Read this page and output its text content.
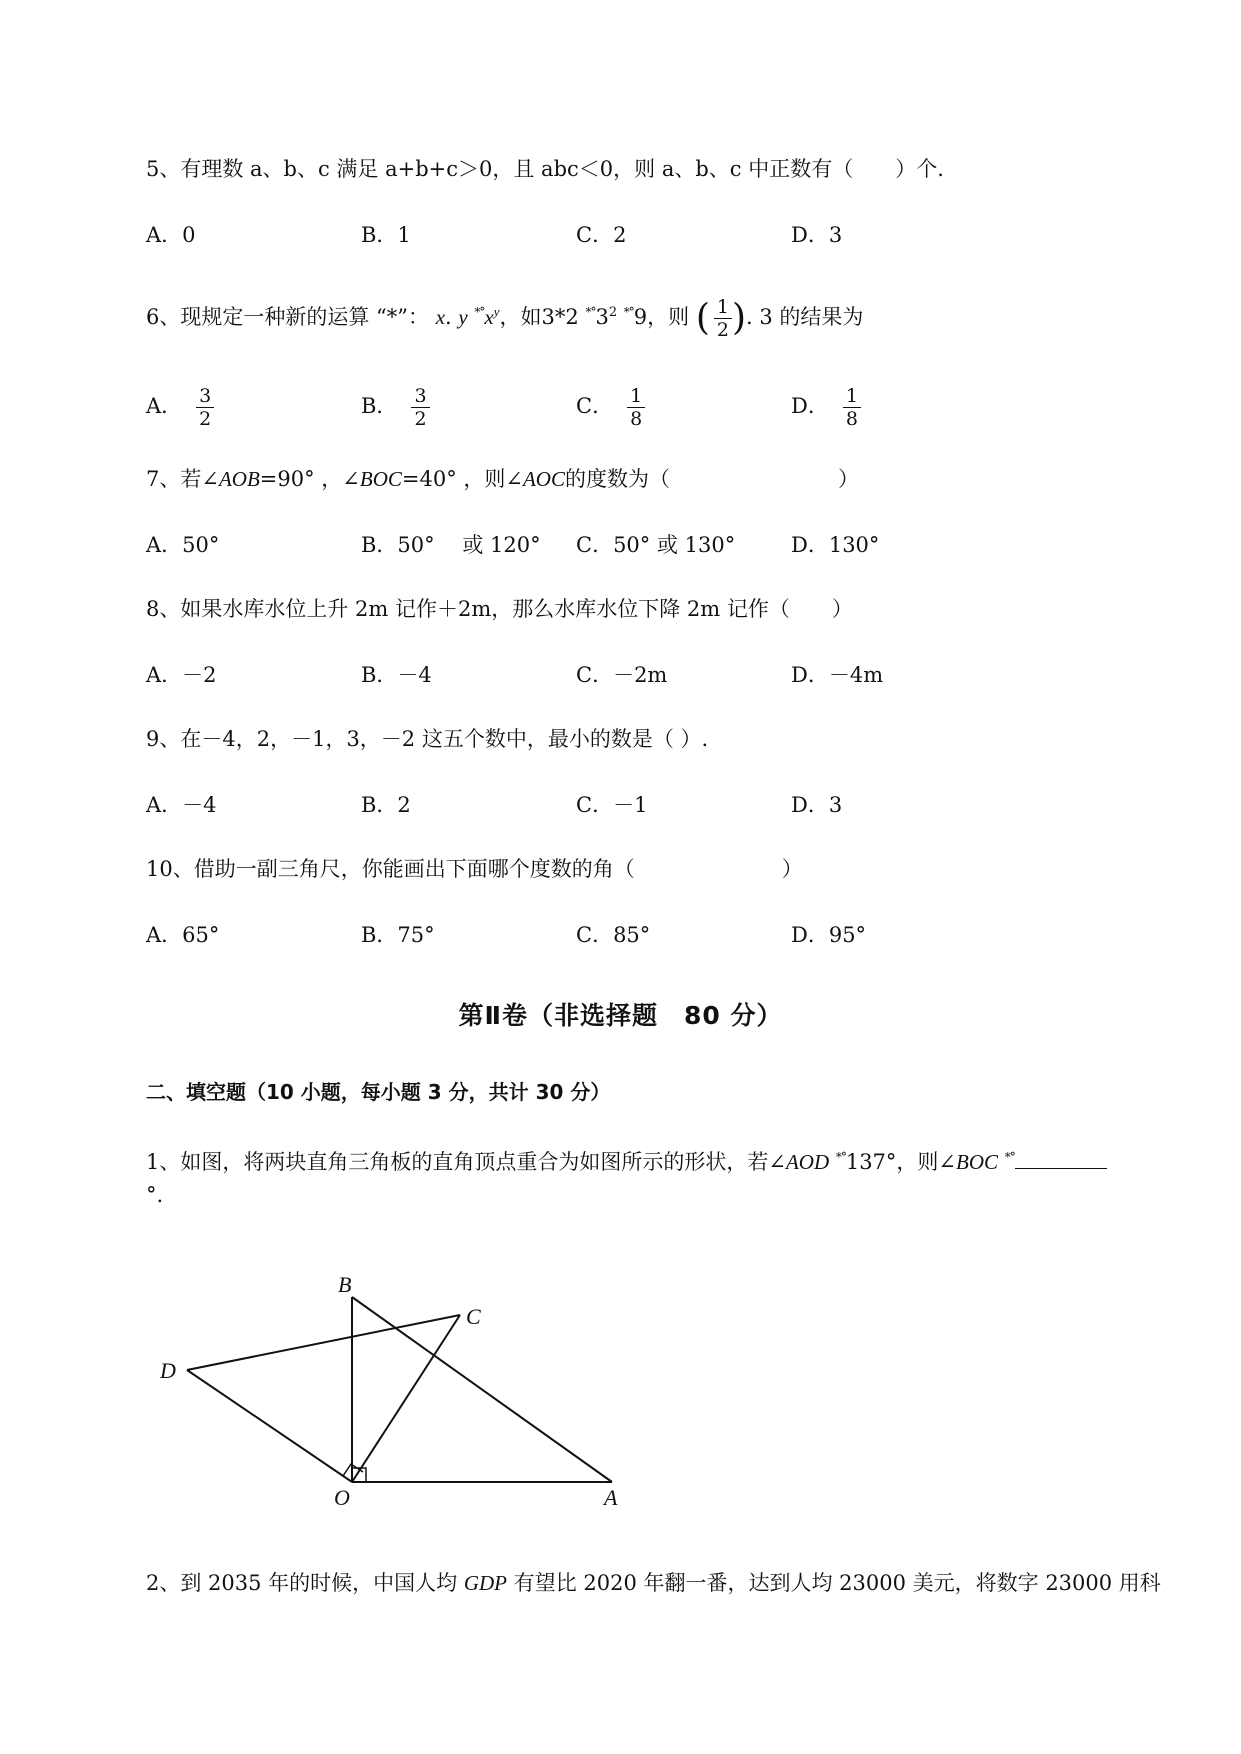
5、有理数 a、b、c 满足 a+b+c＞0，且 abc＜0，则 a、b、c 中正数有（　　）个.
A．0	B．1	C．2	D．3
6、现规定一种新的运算 “*”： x. y $^{*^\circ}x^y$，如3*2 $^{*^\circ}3^2$ *°9，则 ( $\frac{1}{2}$ ). 3 的结果为
A． $\frac{3}{2}$	B． $\frac{3}{2}$	C． $\frac{1}{8}$	D． $\frac{1}{8}$
7、若∠AOB=90° ，∠BOC=40° ，则∠AOC的度数为（　　　　　　　　）
A．50°	B．50° 　或 120° C．50° 或 130°	D．130°
8、如果水库水位上升 2m 记作＋2m，那么水库水位下降 2m 记作（　　）
A．－2	B．－4	C．－2m	D．－4m
9、在－4，2，－1，3，－2 这五个数中，最小的数是（ ）.
A．－4	B．2	C．－1	D．3
10、借助一副三角尺，你能画出下面哪个度数的角（　　　　　　　）
A．65°	B．75°	C．85°	D．95°
第Ⅱ卷（非选择题　80 分）
二、填空题（10 小题，每小题 3 分，共计 30 分）
1、如图，将两块直角三角板的直角顶点重合为如图所示的形状，若∠AOD *°137°，则∠BOC *°
°.
B
C
D
O	A
2、到 2035 年的时候，中国人均 GDP 有望比 2020 年翻一番，达到人均 23000 美元，将数字 23000 用科
